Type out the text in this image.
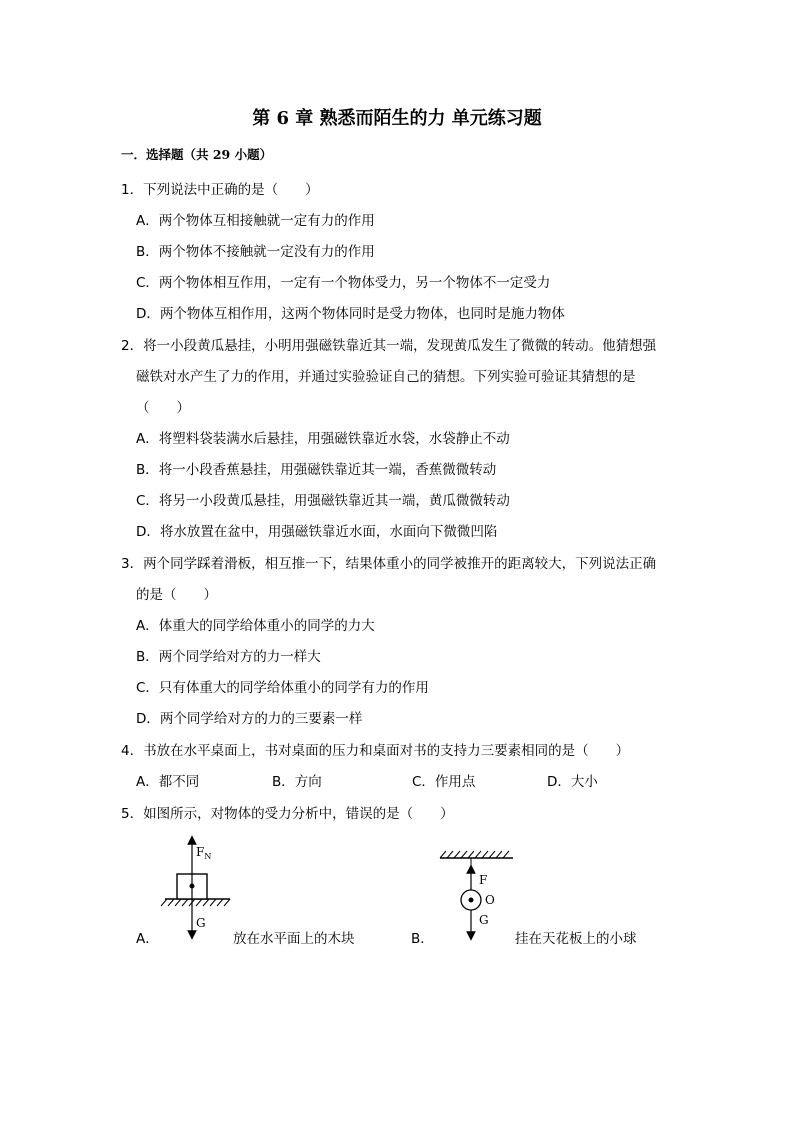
第 6 章 熟悉而陌生的力 单元练习题
一．选择题（共 29 小题）
1．下列说法中正确的是（　　）
A．两个物体互相接触就一定有力的作用
B．两个物体不接触就一定没有力的作用
C．两个物体相互作用，一定有一个物体受力，另一个物体不一定受力
D．两个物体互相作用，这两个物体同时是受力物体，也同时是施力物体
2．将一小段黄瓜悬挂，小明用强磁铁靠近其一端，发现黄瓜发生了微微的转动。他猜想强
磁铁对水产生了力的作用，并通过实验验证自己的猜想。下列实验可验证其猜想的是
（　　）
A．将塑料袋装满水后悬挂，用强磁铁靠近水袋，水袋静止不动
B．将一小段香蕉悬挂，用强磁铁靠近其一端，香蕉微微转动
C．将另一小段黄瓜悬挂，用强磁铁靠近其一端，黄瓜微微转动
D．将水放置在盆中，用强磁铁靠近水面，水面向下微微凹陷
3．两个同学踩着滑板，相互推一下，结果体重小的同学被推开的距离较大，下列说法正确
的是（　　）
A．体重大的同学给体重小的同学的力大
B．两个同学给对方的力一样大
C．只有体重大的同学给体重小的同学有力的作用
D．两个同学给对方的力的三要素一样
4．书放在水平桌面上，书对桌面的压力和桌面对书的支持力三要素相同的是（　　）
A．都不同	B．方向	C．作用点	D．大小
5．如图所示，对物体的受力分析中，错误的是（　　）
A．
$F_N$
G
放在水平面上的木块	B．
F
O
G
挂在天花板上的小球
